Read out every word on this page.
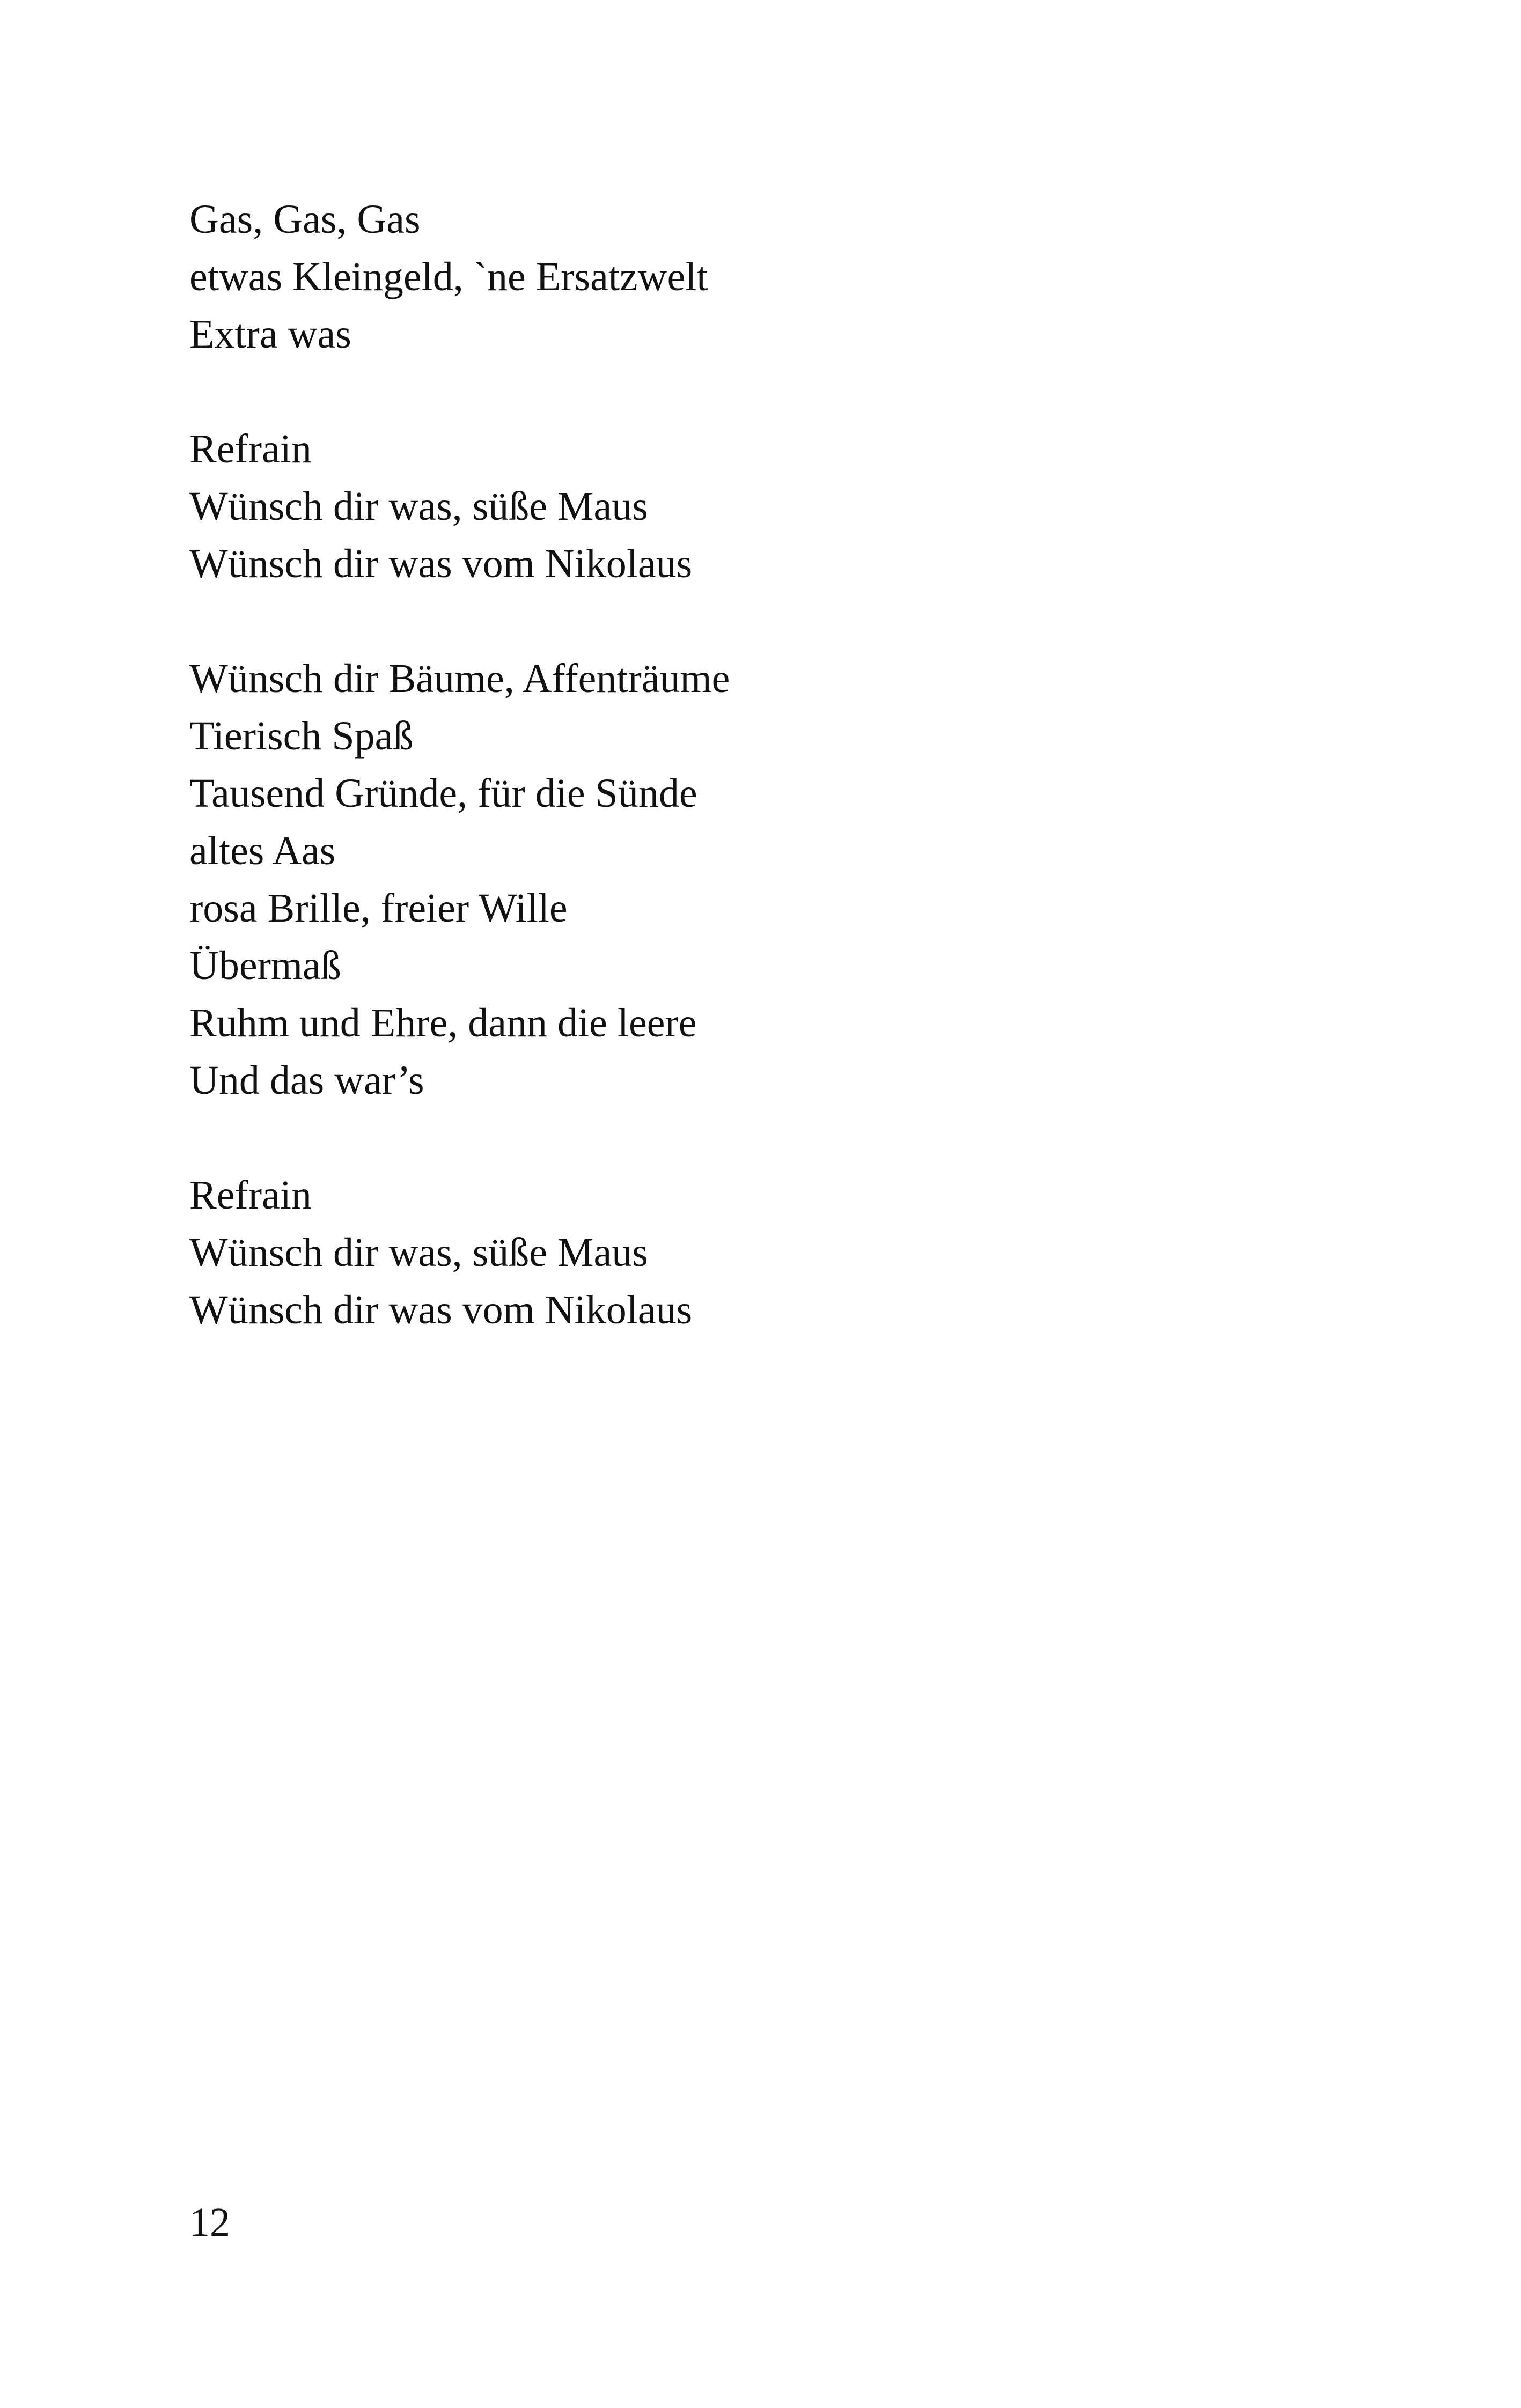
Gas, Gas, Gas
etwas Kleingeld, `ne Ersatzwelt
Extra was
Refrain
Wünsch dir was, süße Maus
Wünsch dir was vom Nikolaus
Wünsch dir Bäume, Affenträume
Tierisch Spaß
Tausend Gründe, für die Sünde
altes Aas
rosa Brille, freier Wille
Übermaß
Ruhm und Ehre, dann die leere
Und das war’s
Refrain
Wünsch dir was, süße Maus
Wünsch dir was vom Nikolaus
12
